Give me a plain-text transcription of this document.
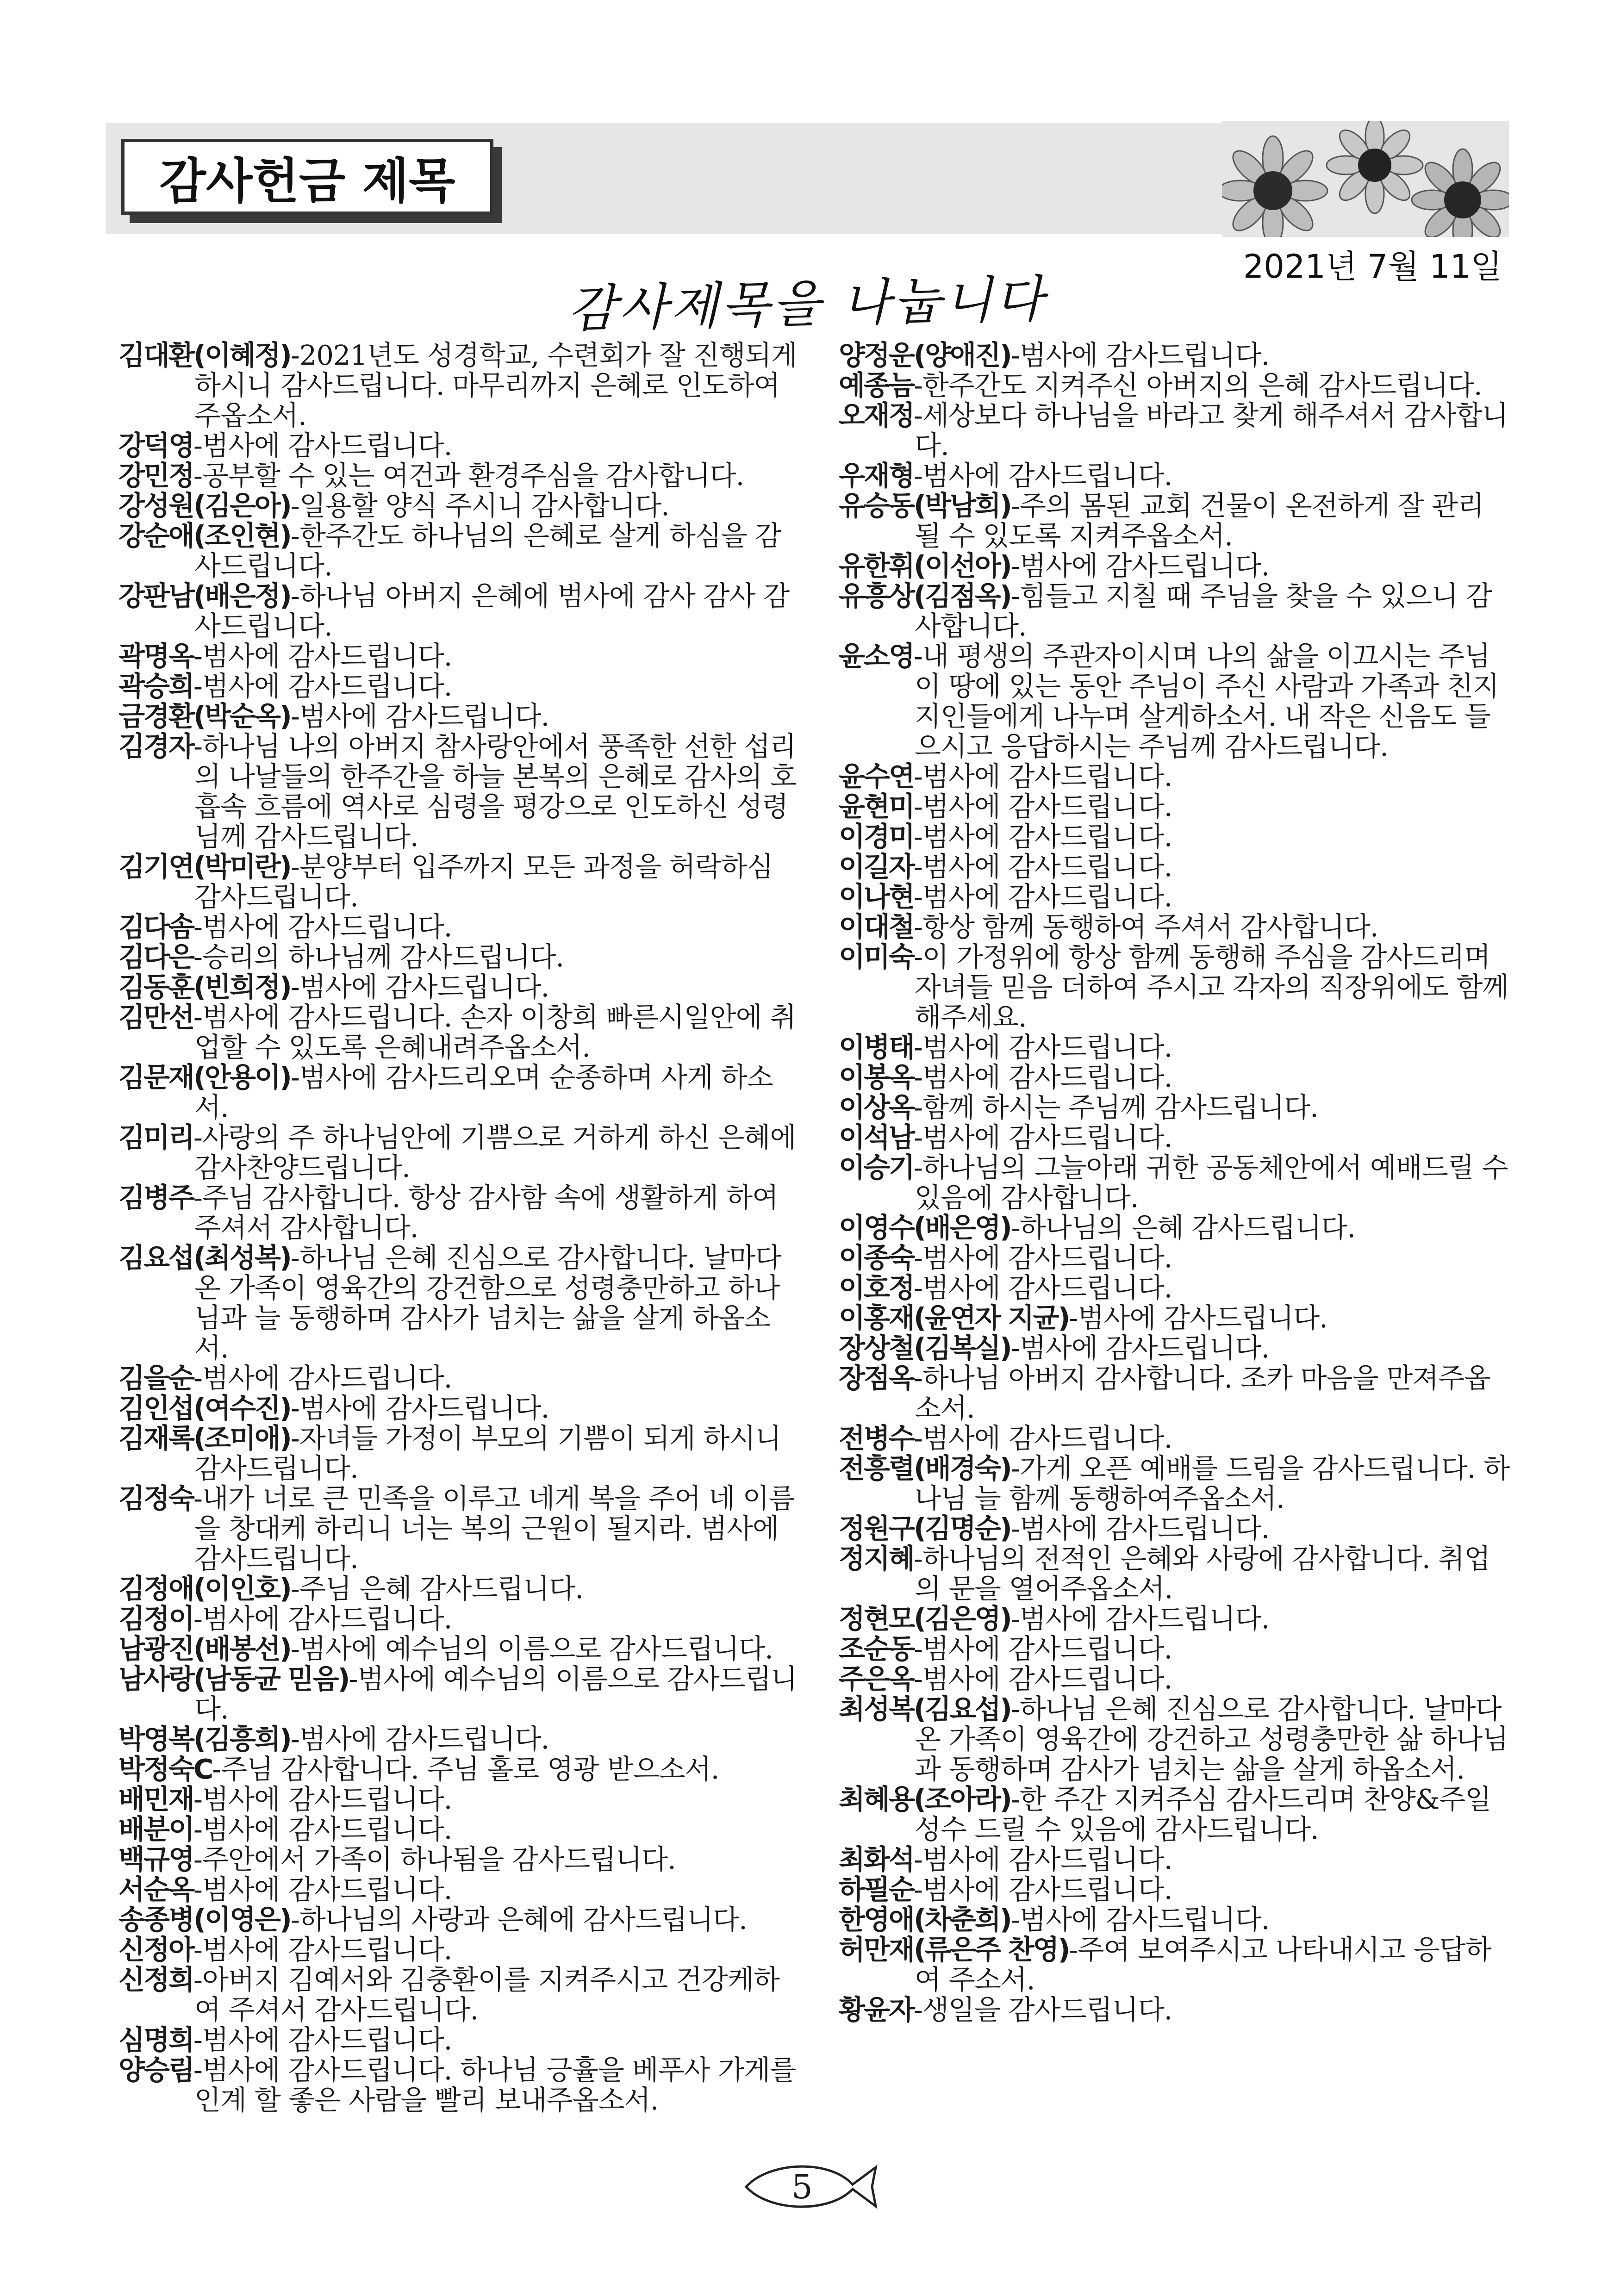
감사헌금 제목
2021년 7월 11일
감사제목을 나눕니다
김대환(이혜정)-2021년도 성경학교, 수련회가 잘 진행되게 하시니 감사드립니다. 마무리까지 은혜로 인도하여 주옵소서.
강덕영-범사에 감사드립니다.
강민정-공부할 수 있는 여건과 환경주심을 감사합니다.
강성원(김은아)-일용할 양식 주시니 감사합니다.
강순애(조인현)-한주간도 하나님의 은혜로 살게 하심을 감사드립니다.
강판남(배은정)-하나님 아버지 은혜에 범사에 감사 감사 감사드립니다.
곽명옥-범사에 감사드립니다.
곽승희-범사에 감사드립니다.
금경환(박순옥)-범사에 감사드립니다.
김경자-하나님 나의 아버지 참사랑안에서 풍족한 선한 섭리의 나날들의 한주간을 하늘 본복의 은혜로 감사의 호흡속 흐름에 역사로 심령을 평강으로 인도하신 성령님께 감사드립니다.
김기연(박미란)-분양부터 입주까지 모든 과정을 허락하심 감사드립니다.
김다솜-범사에 감사드립니다.
김다은-승리의 하나님께 감사드립니다.
김동훈(빈희정)-범사에 감사드립니다.
김만선-범사에 감사드립니다. 손자 이창희 빠른시일안에 취업할 수 있도록 은혜내려주옵소서.
김문재(안용이)-범사에 감사드리오며 순종하며 사게 하소서.
김미리-사랑의 주 하나님안에 기쁨으로 거하게 하신 은혜에 감사찬양드립니다.
김병주-주님 감사합니다. 항상 감사함 속에 생활하게 하여 주셔서 감사합니다.
김요섭(최성복)-하나님 은혜 진심으로 감사합니다. 날마다 온 가족이 영육간의 강건함으로 성령충만하고 하나님과 늘 동행하며 감사가 넘치는 삶을 살게 하옵소서.
김을순-범사에 감사드립니다.
김인섭(여수진)-범사에 감사드립니다.
김재록(조미애)-자녀들 가정이 부모의 기쁨이 되게 하시니 감사드립니다.
김정숙-내가 너로 큰 민족을 이루고 네게 복을 주어 네 이름을 창대케 하리니 너는 복의 근원이 될지라. 범사에 감사드립니다.
김정애(이인호)-주님 은혜 감사드립니다.
김정이-범사에 감사드립니다.
남광진(배봉선)-범사에 예수님의 이름으로 감사드립니다.
남사랑(남동균 믿음)-범사에 예수님의 이름으로 감사드립니다.
박영복(김흥희)-범사에 감사드립니다.
박정숙C-주님 감사합니다. 주님 홀로 영광 받으소서.
배민재-범사에 감사드립니다.
배분이-범사에 감사드립니다.
백규영-주안에서 가족이 하나됨을 감사드립니다.
서순옥-범사에 감사드립니다.
송종병(이영은)-하나님의 사랑과 은혜에 감사드립니다.
신정아-범사에 감사드립니다.
신정희-아버지 김예서와 김충환이를 지켜주시고 건강케하여 주셔서 감사드립니다.
심명희-범사에 감사드립니다.
양승림-범사에 감사드립니다. 하나님 긍휼을 베푸사 가게를 인계 할 좋은 사람을 빨리 보내주옵소서.
양정운(양애진)-범사에 감사드립니다.
예종늠-한주간도 지켜주신 아버지의 은혜 감사드립니다.
오재정-세상보다 하나님을 바라고 찾게 해주셔서 감사합니다.
우재형-범사에 감사드립니다.
유승동(박남희)-주의 몸된 교회 건물이 온전하게 잘 관리 될 수 있도록 지켜주옵소서.
유한휘(이선아)-범사에 감사드립니다.
유흥상(김점옥)-힘들고 지칠 때 주님을 찾을 수 있으니 감사합니다.
윤소영-내 평생의 주관자이시며 나의 삶을 이끄시는 주님 이 땅에 있는 동안 주님이 주신 사람과 가족과 친지 지인들에게 나누며 살게하소서. 내 작은 신음도 들으시고 응답하시는 주님께 감사드립니다.
윤수연-범사에 감사드립니다.
윤현미-범사에 감사드립니다.
이경미-범사에 감사드립니다.
이길자-범사에 감사드립니다.
이나현-범사에 감사드립니다.
이대철-항상 함께 동행하여 주셔서 감사합니다.
이미숙-이 가정위에 항상 함께 동행해 주심을 감사드리며 자녀들 믿음 더하여 주시고 각자의 직장위에도 함께 해주세요.
이병태-범사에 감사드립니다.
이봉옥-범사에 감사드립니다.
이상옥-함께 하시는 주님께 감사드립니다.
이석남-범사에 감사드립니다.
이승기-하나님의 그늘아래 귀한 공동체안에서 예배드릴 수 있음에 감사합니다.
이영수(배은영)-하나님의 은혜 감사드립니다.
이종숙-범사에 감사드립니다.
이호정-범사에 감사드립니다.
이홍재(윤연자 지균)-범사에 감사드립니다.
장상철(김복실)-범사에 감사드립니다.
장점옥-하나님 아버지 감사합니다. 조카 마음을 만져주옵소서.
전병수-범사에 감사드립니다.
전흥렬(배경숙)-가게 오픈 예배를 드림을 감사드립니다. 하나님 늘 함께 동행하여주옵소서.
정원구(김명순)-범사에 감사드립니다.
정지혜-하나님의 전적인 은혜와 사랑에 감사합니다. 취업의 문을 열어주옵소서.
정현모(김은영)-범사에 감사드립니다.
조순동-범사에 감사드립니다.
주은옥-범사에 감사드립니다.
최성복(김요섭)-하나님 은혜 진심으로 감사합니다. 날마다 온 가족이 영육간에 강건하고 성령충만한 삶 하나님과 동행하며 감사가 넘치는 삶을 살게 하옵소서.
최혜용(조아라)-한 주간 지켜주심 감사드리며 찬양&주일성수 드릴 수 있음에 감사드립니다.
최화석-범사에 감사드립니다.
하필순-범사에 감사드립니다.
한영애(차춘희)-범사에 감사드립니다.
허만재(류은주 찬영)-주여 보여주시고 나타내시고 응답하여 주소서.
황윤자-생일을 감사드립니다.
5
